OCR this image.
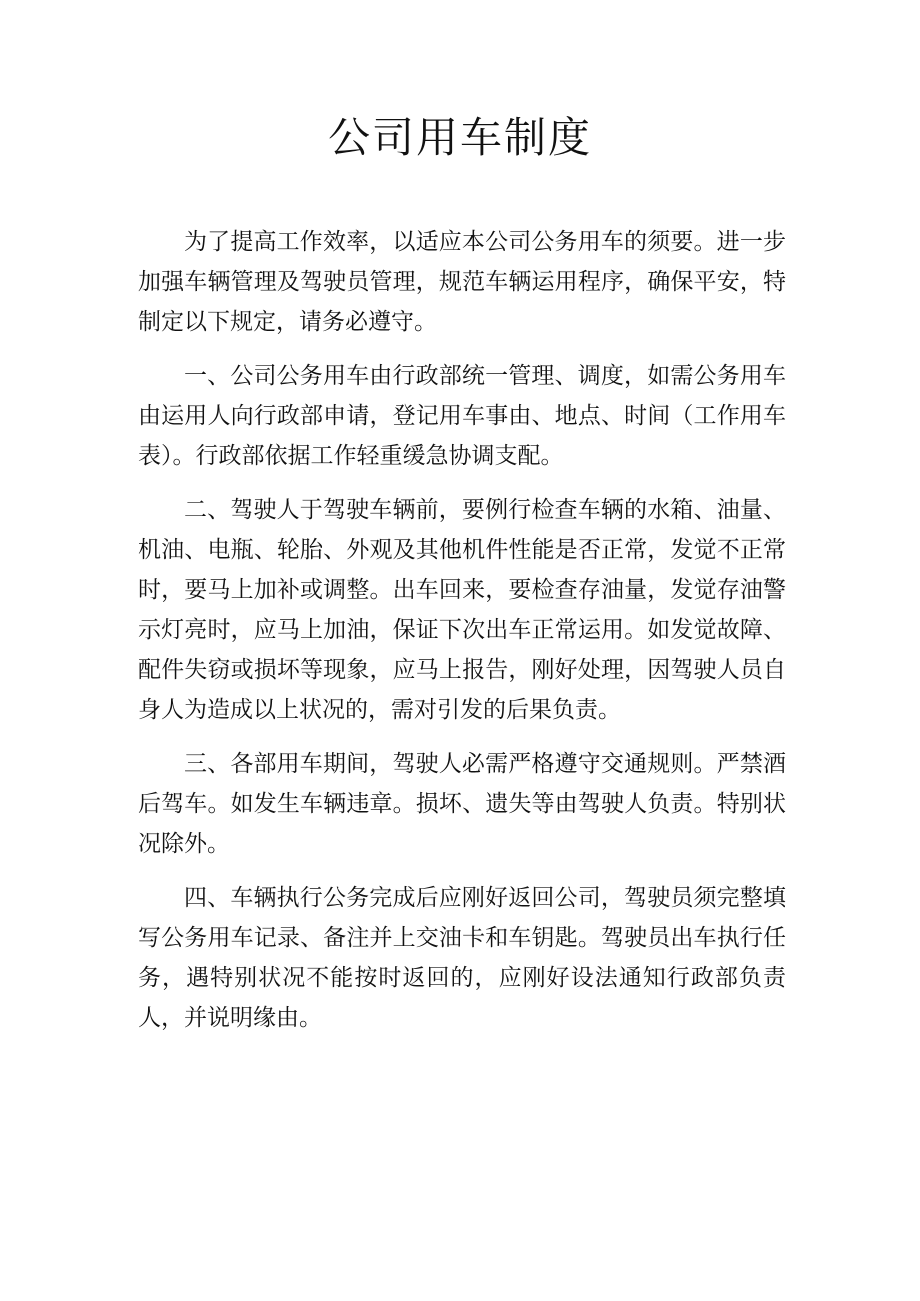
公司用车制度

为了提高工作效率，以适应本公司公务用车的须要。进一步加强车辆管理及驾驶员管理，规范车辆运用程序，确保平安，特制定以下规定，请务必遵守。

一、公司公务用车由行政部统一管理、调度，如需公务用车由运用人向行政部申请，登记用车事由、地点、时间（工作用车表）。行政部依据工作轻重缓急协调支配。

二、驾驶人于驾驶车辆前，要例行检查车辆的水箱、油量、机油、电瓶、轮胎、外观及其他机件性能是否正常，发觉不正常时，要马上加补或调整。出车回来，要检查存油量，发觉存油警示灯亮时，应马上加油，保证下次出车正常运用。如发觉故障、配件失窃或损坏等现象，应马上报告，刚好处理，因驾驶人员自身人为造成以上状况的，需对引发的后果负责。

三、各部用车期间，驾驶人必需严格遵守交通规则。严禁酒后驾车。如发生车辆违章。损坏、遗失等由驾驶人负责。特别状况除外。

四、车辆执行公务完成后应刚好返回公司，驾驶员须完整填写公务用车记录、备注并上交油卡和车钥匙。驾驶员出车执行任务，遇特别状况不能按时返回的，应刚好设法通知行政部负责人，并说明缘由。
